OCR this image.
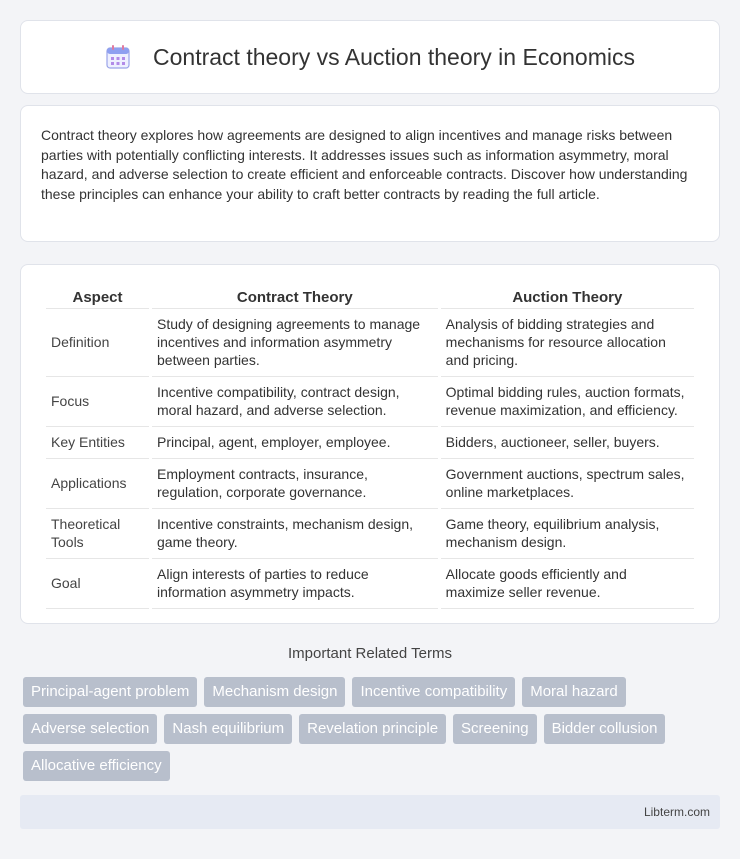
Contract theory vs Auction theory in Economics

Contract theory explores how agreements are designed to align incentives and manage risks between parties with potentially conflicting interests. It addresses issues such as information asymmetry, moral hazard, and adverse selection to create efficient and enforceable contracts. Discover how understanding these principles can enhance your ability to craft better contracts by reading the full article.

Aspect	Contract Theory	Auction Theory
Definition	Study of designing agreements to manage incentives and information asymmetry between parties.	Analysis of bidding strategies and mechanisms for resource allocation and pricing.
Focus	Incentive compatibility, contract design, moral hazard, and adverse selection.	Optimal bidding rules, auction formats, revenue maximization, and efficiency.
Key Entities	Principal, agent, employer, employee.	Bidders, auctioneer, seller, buyers.
Applications	Employment contracts, insurance, regulation, corporate governance.	Government auctions, spectrum sales, online marketplaces.
Theoretical Tools	Incentive constraints, mechanism design, game theory.	Game theory, equilibrium analysis, mechanism design.
Goal	Align interests of parties to reduce information asymmetry impacts.	Allocate goods efficiently and maximize seller revenue.
Important Related Terms
Principal-agent problem	Mechanism design	Incentive compatibility	Moral hazard
Adverse selection	Nash equilibrium	Revelation principle	Screening	Bidder collusion
Allocative efficiency
Libterm.com
